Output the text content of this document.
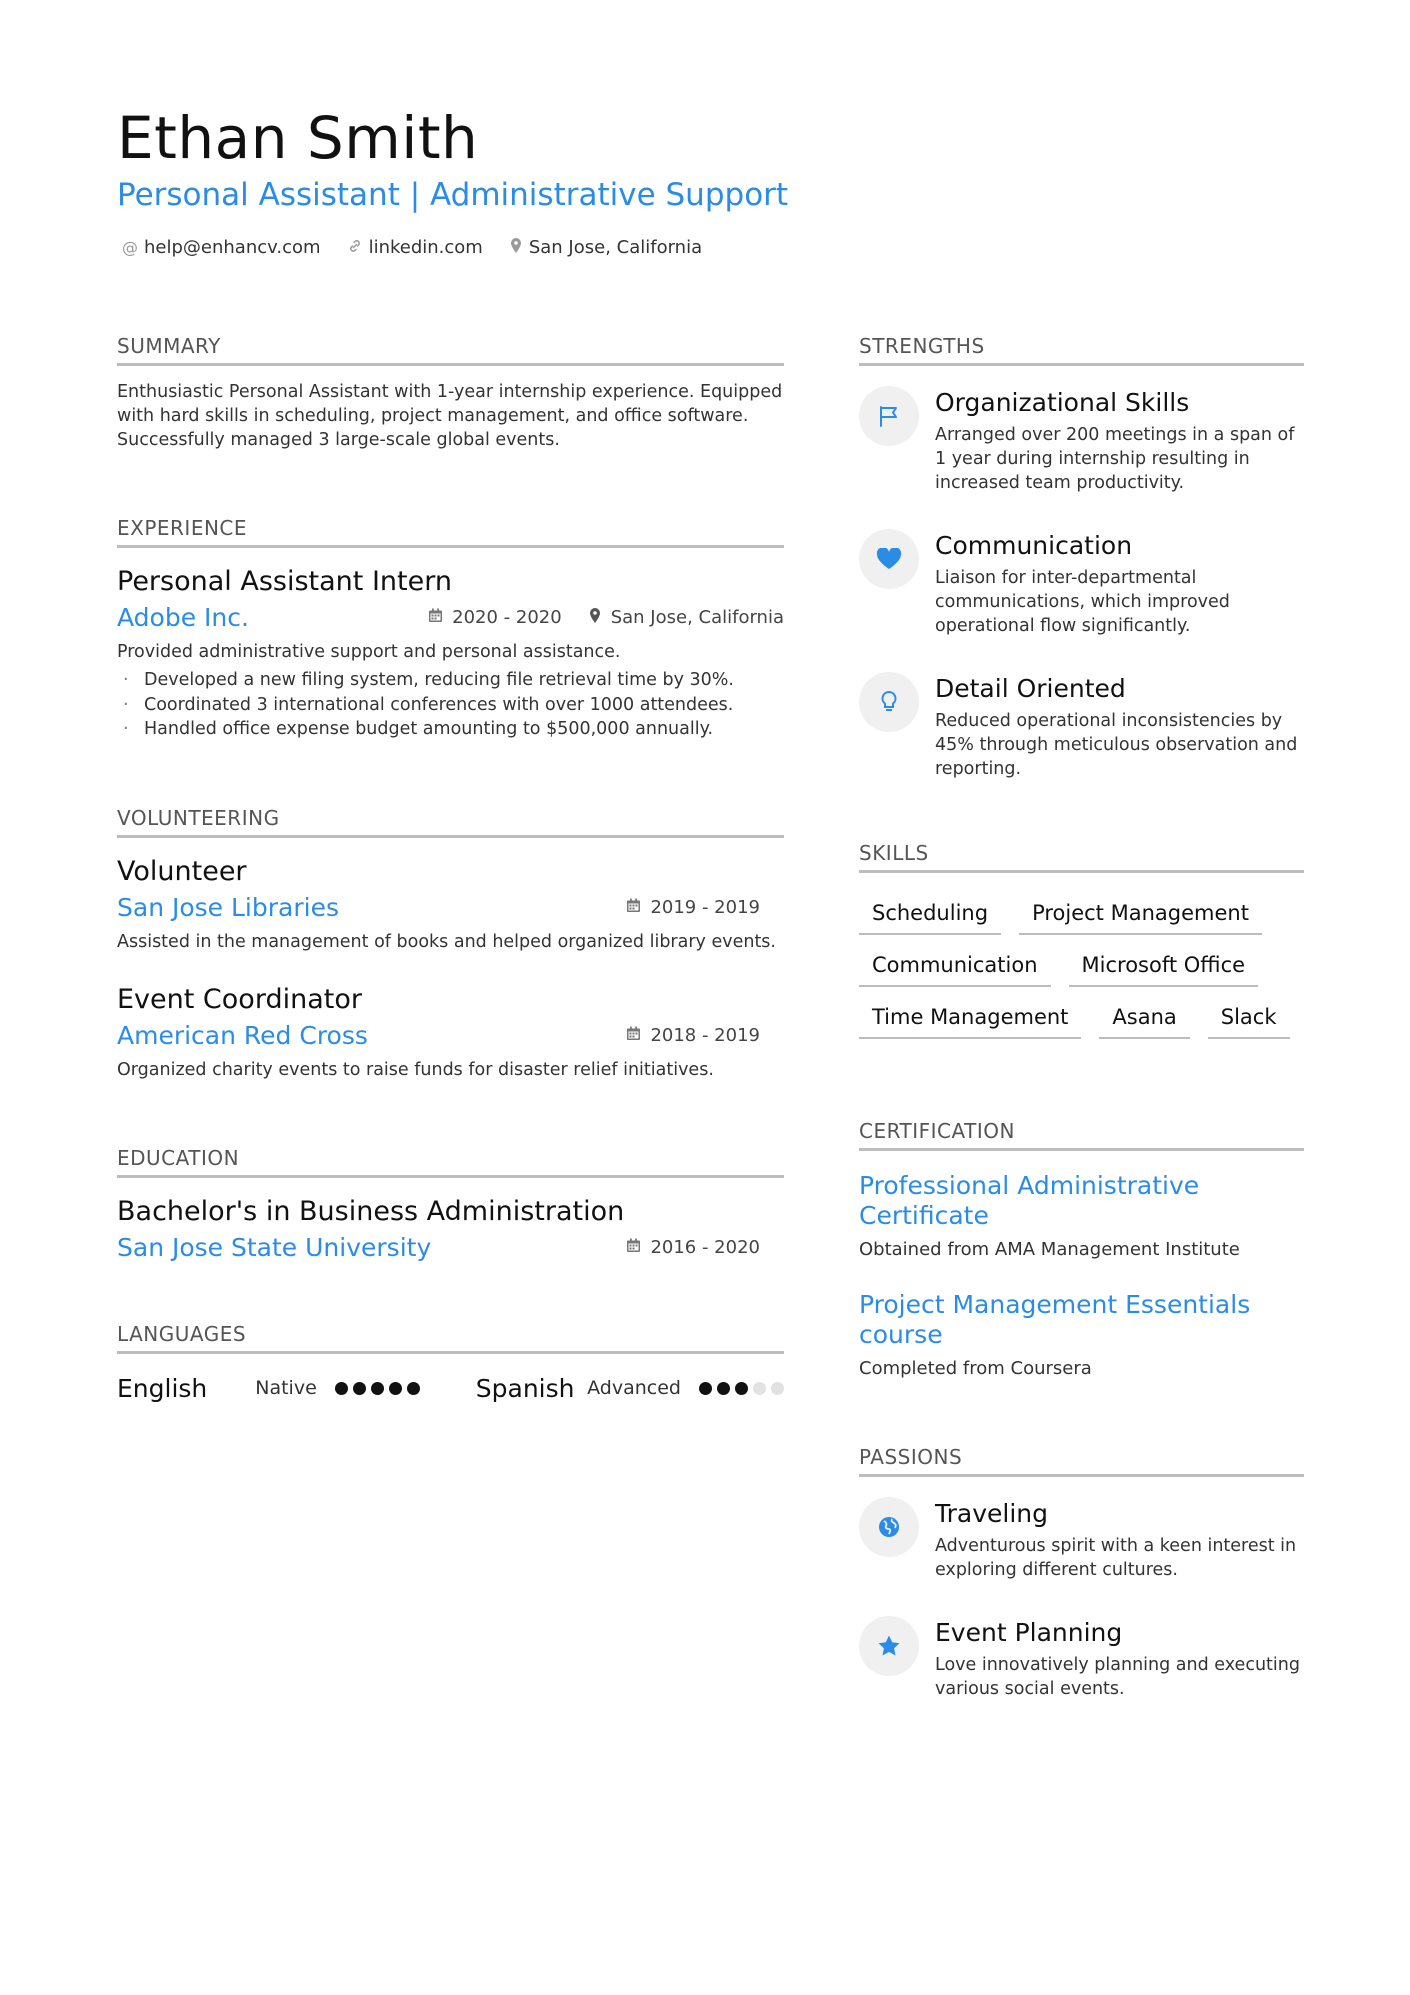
Ethan Smith
Personal Assistant | Administrative Support
@ help@enhancv.com	linkedin.com	San Jose, California
SUMMARY

Enthusiastic Personal Assistant with 1-year internship experience. Equipped with hard skills in scheduling, project management, and office software. Successfully managed 3 large-scale global events.

EXPERIENCE
Personal Assistant Intern
Adobe Inc.	2020 - 2020	San Jose, California

Provided administrative support and personal assistance.

· Developed a new filing system, reducing file retrieval time by 30%.
· Coordinated 3 international conferences with over 1000 attendees.
· Handled office expense budget amounting to $500,000 annually.
VOLUNTEERING
Volunteer
San Jose Libraries	2019 - 2019

Assisted in the management of books and helped organized library events.

Event Coordinator
American Red Cross	2018 - 2019

Organized charity events to raise funds for disaster relief initiatives.

EDUCATION
Bachelor's in Business Administration
San Jose State University	2016 - 2020
LANGUAGES
English	Native	Spanish Advanced
STRENGTHS
Organizational Skills

Arranged over 200 meetings in a span of 1 year during internship resulting in increased team productivity.

Communication

Liaison for inter-departmental communications, which improved operational flow significantly.

Detail Oriented

Reduced operational inconsistencies by 45% through meticulous observation and reporting.

SKILLS
Scheduling	Project Management
Communication	Microsoft Office
Time Management	Asana	Slack
CERTIFICATION
Professional Administrative Certificate
Obtained from AMA Management Institute
Project Management Essentials course
Completed from Coursera
PASSIONS
Traveling

Adventurous spirit with a keen interest in exploring different cultures.

Event Planning

Love innovatively planning and executing various social events.
